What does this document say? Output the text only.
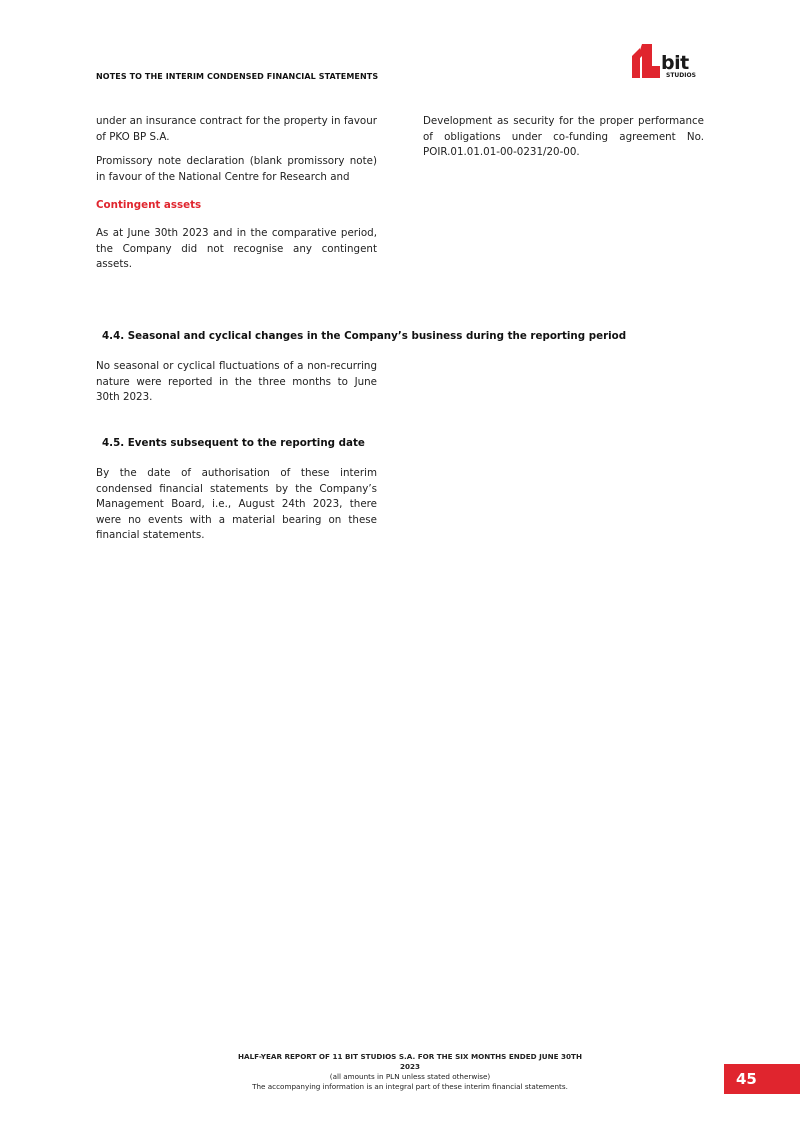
NOTES TO THE INTERIM CONDENSED FINANCIAL STATEMENTS
bit
STUDIOS

under an insurance contract for the property in favour of PKO BP S.A.

Promissory note declaration (blank promissory note) in favour of the National Centre for Research and

Development as security for the proper performance of obligations under co-funding agreement No. POIR.01.01.01-00-0231/20-00.

Contingent assets

As at June 30th 2023 and in the comparative period, the Company did not recognise any contingent assets.

4.4. Seasonal and cyclical changes in the Company’s business during the reporting period

No seasonal or cyclical fluctuations of a non-recurring nature were reported in the three months to June 30th 2023.

4.5. Events subsequent to the reporting date

By the date of authorisation of these interim condensed financial statements by the Company’s Management Board, i.e., August 24th 2023, there were no events with a material bearing on these financial statements.

HALF-YEAR REPORT OF 11 BIT STUDIOS S.A. FOR THE SIX MONTHS ENDED JUNE 30TH
2023
(all amounts in PLN unless stated otherwise)
The accompanying information is an integral part of these interim financial statements.	45
